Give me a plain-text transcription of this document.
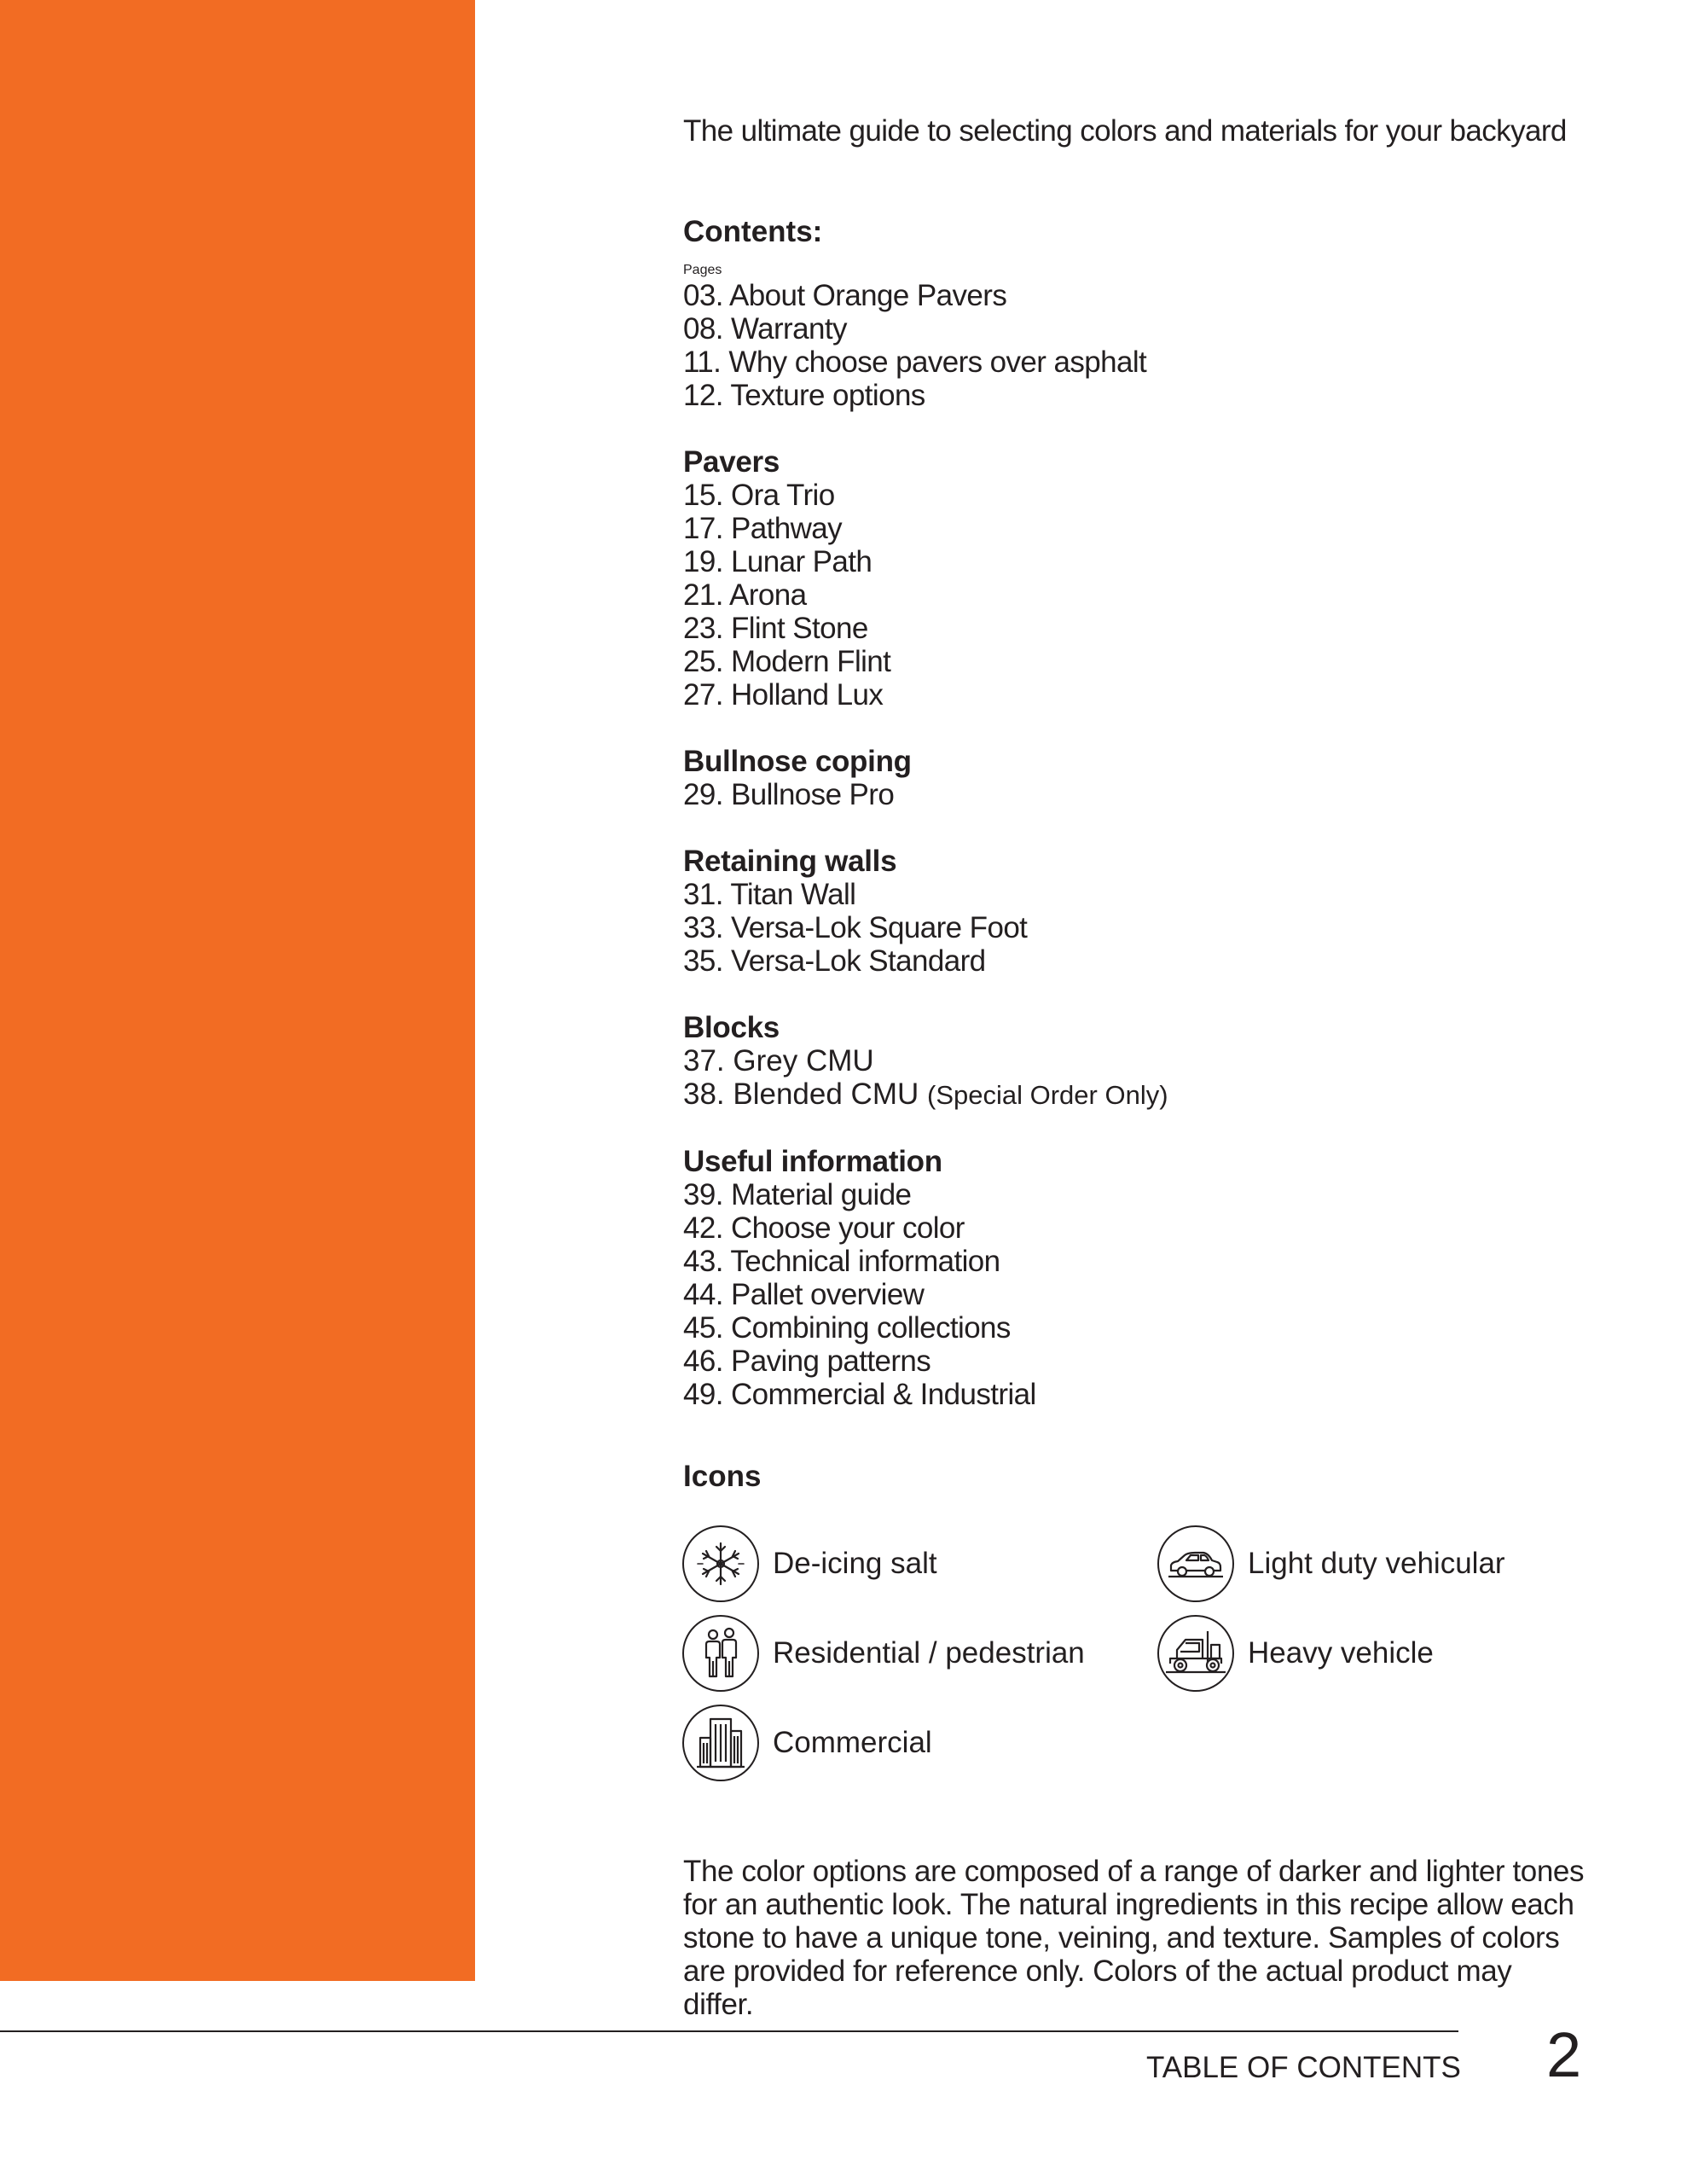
The ultimate guide to selecting colors and materials for your backyard
Contents:
Pages
03. About Orange Pavers
08. Warranty
11. Why choose pavers over asphalt
12. Texture options
Pavers
15. Ora Trio
17. Pathway
19. Lunar Path
21. Arona
23. Flint Stone
25. Modern Flint
27. Holland Lux
Bullnose coping
29. Bullnose Pro
Retaining walls
31. Titan Wall
33. Versa-Lok Square Foot
35. Versa-Lok Standard
Blocks
37. Grey CMU
38. Blended CMU (Special Order Only)
Useful information
39. Material guide
42. Choose your color
43. Technical information
44. Pallet overview
45. Combining collections
46. Paving patterns
49. Commercial & Industrial
Icons
De-icing salt	Light duty vehicular
Residential / pedestrian	Heavy vehicle
Commercial
The color options are composed of a range of darker and lighter tones for an authentic look. The natural ingredients in this recipe allow each stone to have a unique tone, veining, and texture. Samples of colors are provided for reference only. Colors of the actual product may differ.
TABLE OF CONTENTS 2
